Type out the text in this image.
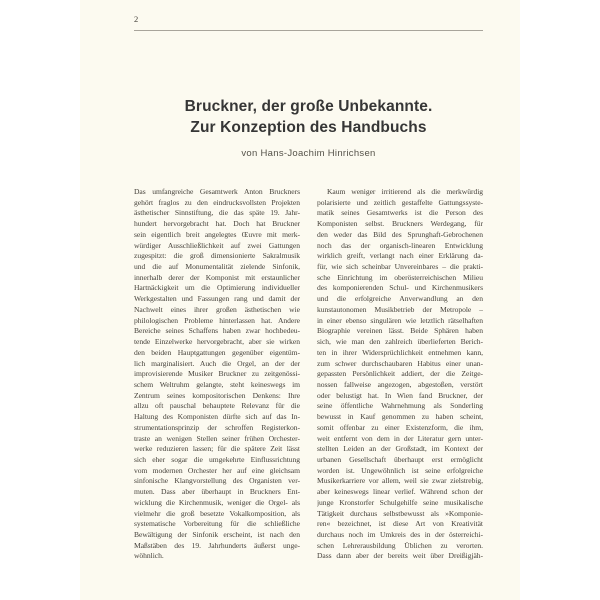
2
Bruckner, der große Unbekannte.
Zur Konzeption des Handbuchs
von Hans-Joachim Hinrichsen
Das umfangreiche Gesamtwerk Anton Bruckners
gehört fraglos zu den eindrucksvollsten Projekten
ästhetischer Sinnstiftung, die das späte 19. Jahr-
hundert hervorgebracht hat. Doch hat Bruckner
sein eigentlich breit angelegtes Œuvre mit merk-
würdiger Ausschließlichkeit auf zwei Gattungen
zugespitzt: die groß dimensionierte Sakralmusik
und die auf Monumentalität zielende Sinfonik,
innerhalb derer der Komponist mit erstaunlicher
Hartnäckigkeit um die Optimierung individueller
Werkgestalten und Fassungen rang und damit der
Nachwelt eines ihrer großen ästhetischen wie
philologischen Probleme hinterlassen hat. Andere
Bereiche seines Schaffens haben zwar hochbedeu-
tende Einzelwerke hervorgebracht, aber sie wirken
den beiden Hauptgattungen gegenüber eigentüm-
lich marginalisiert. Auch die Orgel, an der der
improvisierende Musiker Bruckner zu zeitgenössi-
schem Weltruhm gelangte, steht keineswegs im
Zentrum seines kompositorischen Denkens: Ihre
allzu oft pauschal behauptete Relevanz für die
Haltung des Komponisten dürfte sich auf das In-
strumentationsprinzip der schroffen Registerkon-
traste an wenigen Stellen seiner frühen Orchester-
werke reduzieren lassen; für die spätere Zeit lässt
sich eher sogar die umgekehrte Einflussrichtung
vom modernen Orchester her auf eine gleichsam
sinfonische Klangvorstellung des Organisten ver-
muten. Dass aber überhaupt in Bruckners Ent-
wicklung die Kirchenmusik, weniger die Orgel- als
vielmehr die groß besetzte Vokalkomposition, als
systematische Vorbereitung für die schließliche
Bewältigung der Sinfonik erscheint, ist nach den
Maßstäben des 19. Jahrhunderts äußerst unge-
wöhnlich.
Kaum weniger irritierend als die merkwürdig
polarisierte und zeitlich gestaffelte Gattungssyste-
matik seines Gesamtwerks ist die Person des
Komponisten selbst. Bruckners Werdegang, für
den weder das Bild des Sprunghaft-Gebrochenen
noch das der organisch-linearen Entwicklung
wirklich greift, verlangt nach einer Erklärung da-
für, wie sich scheinbar Unvereinbares – die prakti-
sche Einrichtung im oberösterreichischen Milieu
des komponierenden Schul- und Kirchenmusikers
und die erfolgreiche Anverwandlung an den
kunstautonomen Musikbetrieb der Metropole –
in einer ebenso singulären wie letztlich rätselhaften
Biographie vereinen lässt. Beide Sphären haben
sich, wie man den zahlreich überlieferten Berich-
ten in ihrer Widersprüchlichkeit entnehmen kann,
zum schwer durchschaubaren Habitus einer unan-
gepassten Persönlichkeit addiert, der die Zeitge-
nossen fallweise angezogen, abgestoßen, verstört
oder belustigt hat. In Wien fand Bruckner, der
seine öffentliche Wahrnehmung als Sonderling
bewusst in Kauf genommen zu haben scheint,
somit offenbar zu einer Existenzform, die ihm,
weit entfernt von dem in der Literatur gern unter-
stellten Leiden an der Großstadt, im Kontext der
urbanen Gesellschaft überhaupt erst ermöglicht
worden ist. Ungewöhnlich ist seine erfolgreiche
Musikerkarriere vor allem, weil sie zwar zielstrebig,
aber keineswegs linear verlief. Während schon der
junge Kronstorfer Schulgehilfe seine musikalische
Tätigkeit durchaus selbstbewusst als »Komponie-
ren« bezeichnet, ist diese Art von Kreativität
durchaus noch im Umkreis des in der österreichi-
schen Lehrerausbildung Üblichen zu verorten.
Dass dann aber der bereits weit über Dreißigjäh-
